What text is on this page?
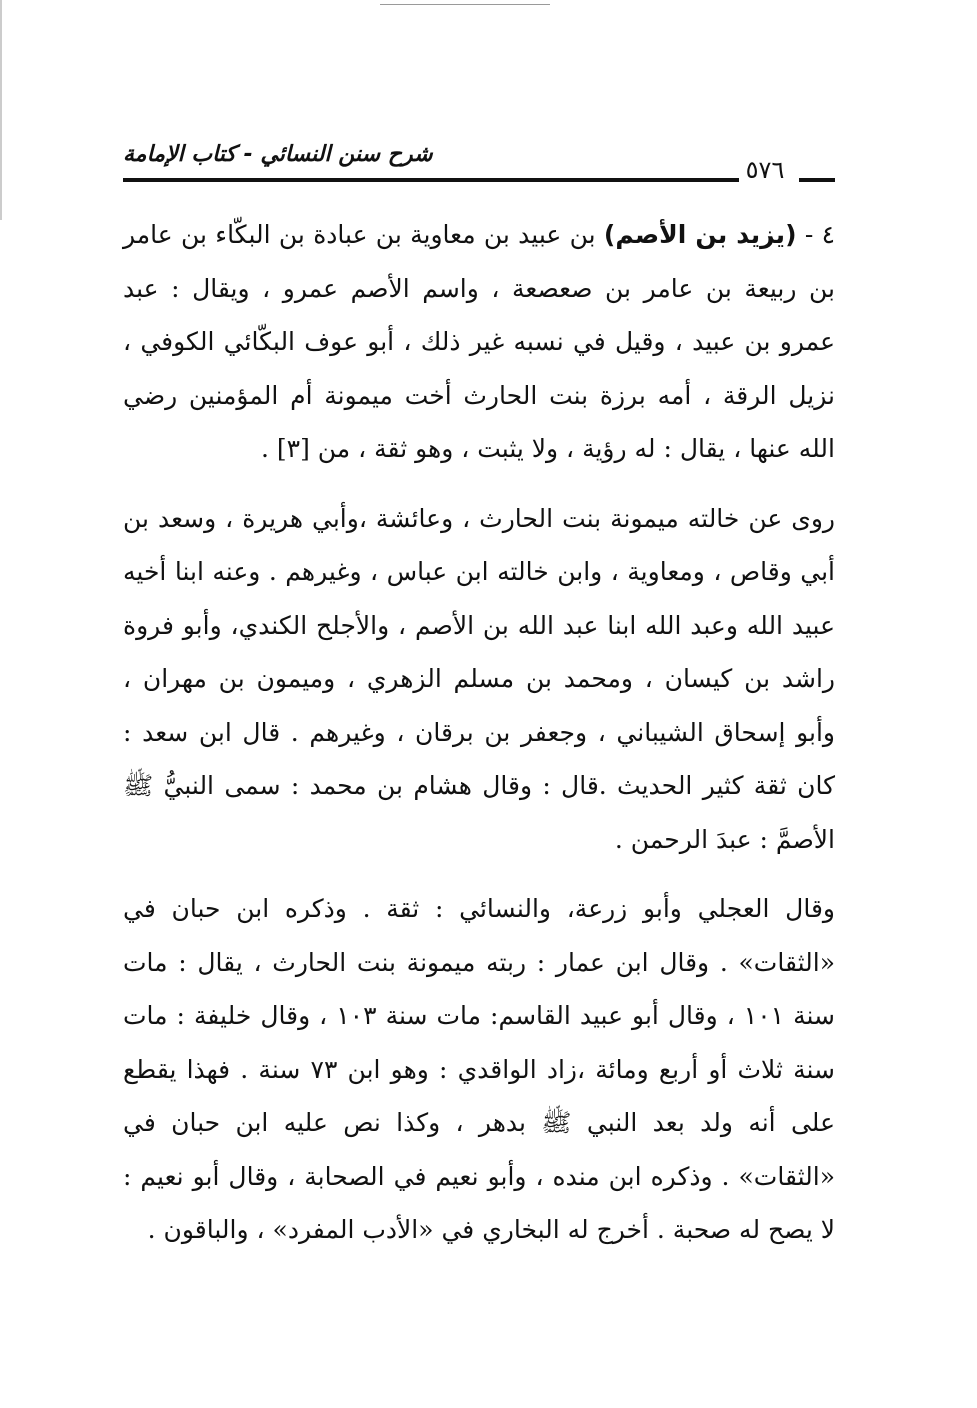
شرح سنن النسائي - كتاب الإمامة
٥٧٦

٤ - (يزيد بن الأصم) بن عبيد بن معاوية بن عبادة بن البكّاء بن عامر بن ربيعة بن عامر بن صعصعة ، واسم الأصم عمرو ، ويقال : عبد عمرو بن عبيد ، وقيل في نسبه غير ذلك ، أبو عوف البكّائي الكوفي ، نزيل الرقة ، أمه برزة بنت الحارث أخت ميمونة أم المؤمنين رضي الله عنها ، يقال : له رؤية ، ولا يثبت ، وهو ثقة ، من [٣] .

روى عن خالته ميمونة بنت الحارث ، وعائشة ،وأبي هريرة ، وسعد بن أبي وقاص ، ومعاوية ، وابن خالته ابن عباس ، وغيرهم . وعنه ابنا أخيه عبيد الله وعبد الله ابنا عبد الله بن الأصم ، والأجلح الكندي، وأبو فروة راشد بن كيسان ، ومحمد بن مسلم الزهري ، وميمون بن مهران ، وأبو إسحاق الشيباني ، وجعفر بن برقان ، وغيرهم . قال ابن سعد : كان ثقة كثير الحديث .قال : وقال هشام بن محمد : سمى النبيُّ ﷺ الأصمَّ : عبدَ الرحمن .

وقال العجلي وأبو زرعة، والنسائي : ثقة . وذكره ابن حبان في «الثقات» . وقال ابن عمار : ربته ميمونة بنت الحارث ، يقال : مات سنة ١٠١ ، وقال أبو عبيد القاسم: مات سنة ١٠٣ ، وقال خليفة : مات سنة ثلاث أو أربع ومائة ،زاد الواقدي : وهو ابن ٧٣ سنة . فهذا يقطع على أنه ولد بعد النبي ﷺ بدهر ، وكذا نص عليه ابن حبان في «الثقات» . وذكره ابن منده ، وأبو نعيم في الصحابة ، وقال أبو نعيم : لا يصح له صحبة . أخرج له البخاري في «الأدب المفرد» ، والباقون .
